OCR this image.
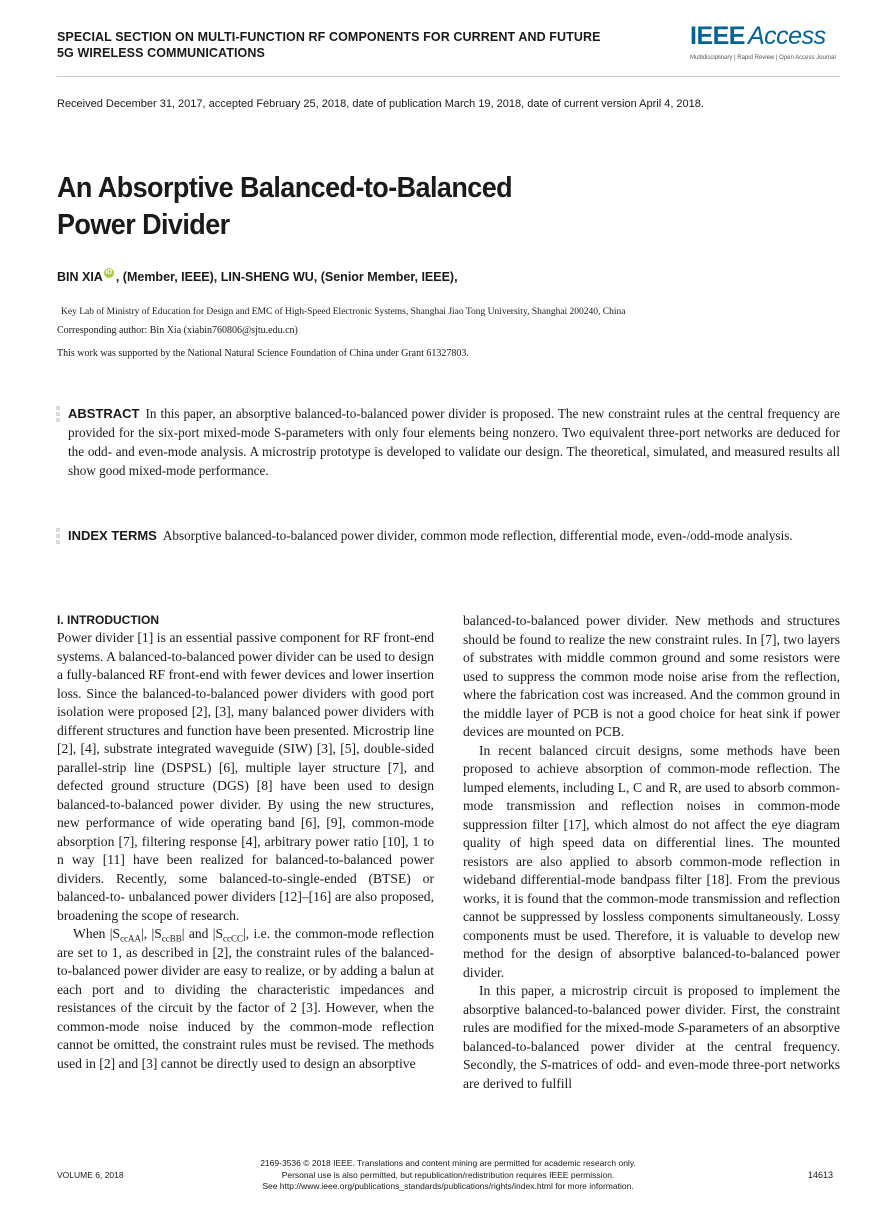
SPECIAL SECTION ON MULTI-FUNCTION RF COMPONENTS FOR CURRENT AND FUTURE
5G WIRELESS COMMUNICATIONS
IEEE Access
Multidisciplinary | Rapid Review | Open Access Journal
Received December 31, 2017, accepted February 25, 2018, date of publication March 19, 2018, date of current version April 4, 2018.
An Absorptive Balanced-to-Balanced
Power Divider
BIN XIA iD , (Member, IEEE), LIN-SHENG WU, (Senior Member, IEEE),
Key Lab of Ministry of Education for Design and EMC of High-Speed Electronic Systems, Shanghai Jiao Tong University, Shanghai 200240, China
Corresponding author: Bin Xia (xiabin760806@sjtu.edu.cn)
This work was supported by the National Natural Science Foundation of China under Grant 61327803.
ABSTRACT In this paper, an absorptive balanced-to-balanced power divider is proposed. The new constraint rules at the central frequency are provided for the six-port mixed-mode S-parameters with only four elements being nonzero. Two equivalent three-port networks are deduced for the odd- and even-mode analysis. A microstrip prototype is developed to validate our design. The theoretical, simulated, and measured results all show good mixed-mode performance.
INDEX TERMS Absorptive balanced-to-balanced power divider, common mode reflection, differential mode, even-/odd-mode analysis.
I. INTRODUCTION

Power divider [1] is an essential passive component for RF front-end systems. A balanced-to-balanced power divider can be used to design a fully-balanced RF front-end with fewer devices and lower insertion loss. Since the balanced-to-balanced power dividers with good port isolation were proposed [2], [3], many balanced power dividers with different structures and function have been presented. Microstrip line [2], [4], substrate integrated waveguide (SIW) [3], [5], double-sided parallel-strip line (DSPSL) [6], multiple layer structure [7], and defected ground structure (DGS) [8] have been used to design balanced-to-balanced power divider. By using the new structures, new performance of wide operating band [6], [9], common-mode absorption [7], filtering response [4], arbitrary power ratio [10], 1 to n way [11] have been realized for balanced-to-balanced power dividers. Recently, some balanced-to-single-ended (BTSE) or balanced-to- unbalanced power dividers [12]–[16] are also proposed, broadening the scope of research.

When $|S_{ccAA}|$, $|S_{ccBB}|$ and $|S_{ccCC}|$, i.e. the common-mode reflection are set to 1, as described in [2], the constraint rules of the balanced-to-balanced power divider are easy to realize, or by adding a balun at each port and to dividing the characteristic impedances and resistances of the circuit by the factor of 2 [3]. However, when the common-mode noise induced by the common-mode reflection cannot be omitted, the constraint rules must be revised. The methods used in [2] and [3] cannot be directly used to design an absorptive

balanced-to-balanced power divider. New methods and structures should be found to realize the new constraint rules. In [7], two layers of substrates with middle common ground and some resistors were used to suppress the common mode noise arise from the reflection, where the fabrication cost was increased. And the common ground in the middle layer of PCB is not a good choice for heat sink if power devices are mounted on PCB.

In recent balanced circuit designs, some methods have been proposed to achieve absorption of common-mode reflection. The lumped elements, including L, C and R, are used to absorb common-mode transmission and reflection noises in common-mode suppression filter [17], which almost do not affect the eye diagram quality of high speed data on differential lines. The mounted resistors are also applied to absorb common-mode reflection in wideband differential-mode bandpass filter [18]. From the previous works, it is found that the common-mode transmission and reflection cannot be suppressed by lossless components simultaneously. Lossy components must be used. Therefore, it is valuable to develop new method for the design of absorptive balanced-to-balanced power divider.

In this paper, a microstrip circuit is proposed to implement the absorptive balanced-to-balanced power divider. First, the constraint rules are modified for the mixed-mode S-parameters of an absorptive balanced-to-balanced power divider at the central frequency. Secondly, the S-matrices of odd- and even-mode three-port networks are derived to fulfill

2169-3536 © 2018 IEEE. Translations and content mining are permitted for academic research only.
Personal use is also permitted, but republication/redistribution requires IEEE permission.
See http://www.ieee.org/publications_standards/publications/rights/index.html for more information.
VOLUME 6, 2018	14613
